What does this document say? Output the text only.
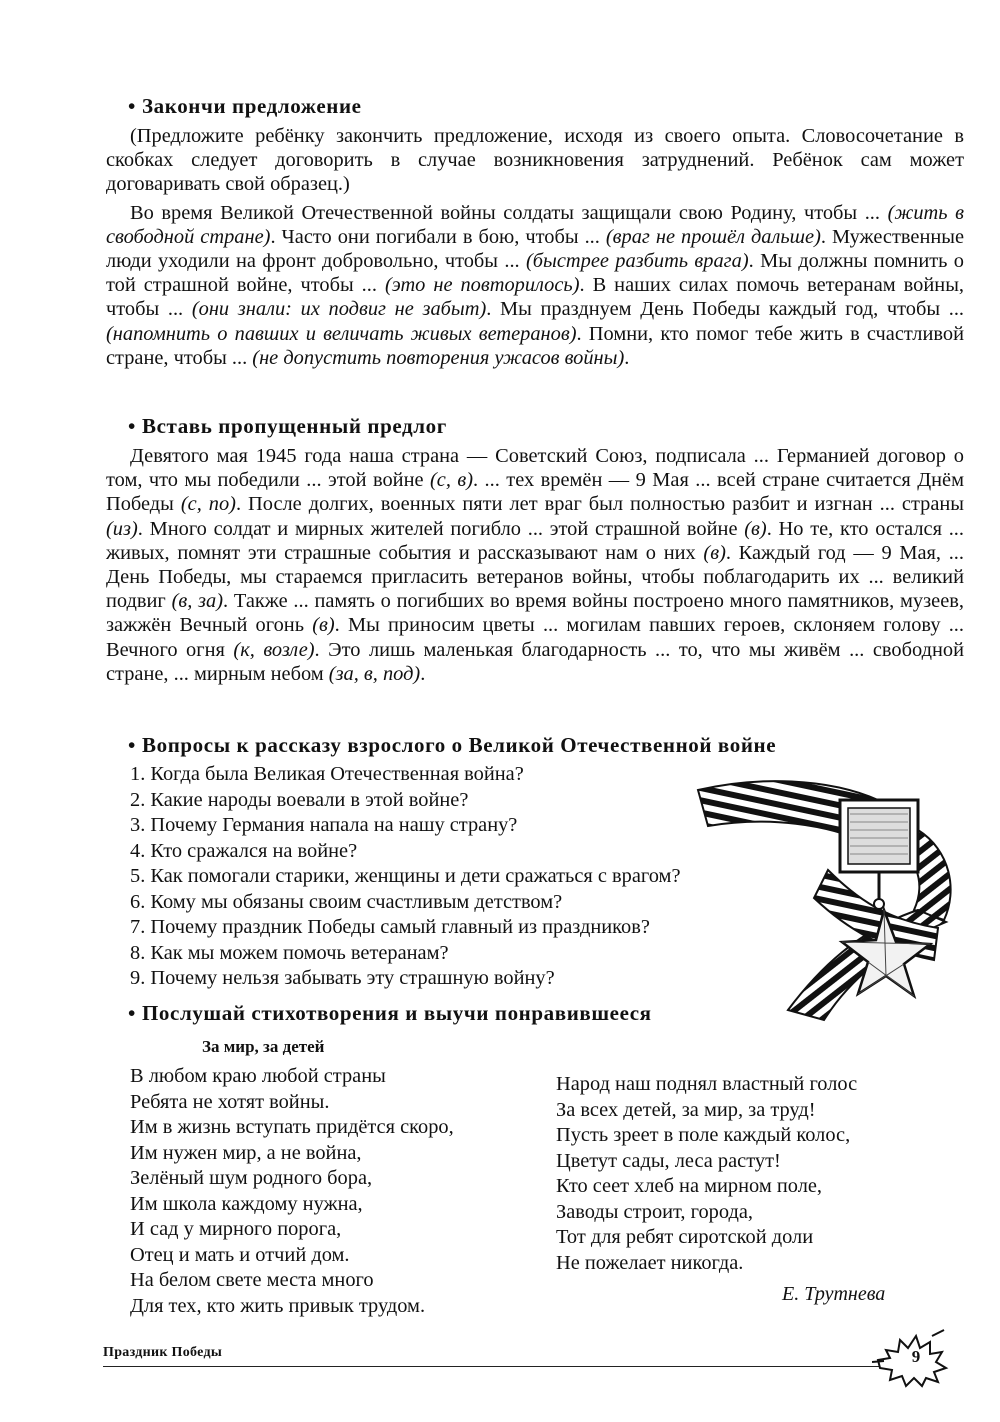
• Закончи предложение

(Предложите ребёнку закончить предложение, исходя из своего опыта. Словосочетание в скобках следует договорить в случае возникновения затруднений. Ребёнок сам может договаривать свой образец.)

Во время Великой Отечественной войны солдаты защищали свою Родину, чтобы ... (жить в свободной стране). Часто они погибали в бою, чтобы ... (враг не прошёл дальше). Мужественные люди уходили на фронт добровольно, чтобы ... (быстрее разбить врага). Мы должны помнить о той страшной войне, чтобы ... (это не повторилось). В наших силах помочь ветеранам войны, чтобы ... (они знали: их подвиг не забыт). Мы празднуем День Победы каждый год, чтобы ... (напомнить о павших и величать живых ветеранов). Помни, кто помог тебе жить в счастливой стране, чтобы ... (не допустить повторения ужасов войны).

• Вставь пропущенный предлог

Девятого мая 1945 года наша страна — Советский Союз, подписала ... Германией договор о том, что мы победили ... этой войне (с, в). ... тех времён — 9 Мая ... всей стране считается Днём Победы (с, по). После долгих, военных пяти лет враг был полностью разбит и изгнан ... страны (из). Много солдат и мирных жителей погибло ... этой страшной войне (в). Но те, кто остался ... живых, помнят эти страшные события и рассказывают нам о них (в). Каждый год — 9 Мая, ... День Победы, мы стараемся пригласить ветеранов войны, чтобы поблагодарить их ... великий подвиг (в, за). Также ... память о погибших во время войны построено много памятников, музеев, зажжён Вечный огонь (в). Мы приносим цветы ... могилам павших героев, склоняем голову ... Вечного огня (к, возле). Это лишь маленькая благодарность ... то, что мы живём ... свободной стране, ... мирным небом (за, в, под).

• Вопросы к рассказу взрослого о Великой Отечественной войне
1. Когда была Великая Отечественная война?
2. Какие народы воевали в этой войне?
3. Почему Германия напала на нашу страну?
4. Кто сражался на войне?
5. Как помогали старики, женщины и дети сражаться с врагом?
6. Кому мы обязаны своим счастливым детством?
7. Почему праздник Победы самый главный из праздников?
8. Как мы можем помочь ветеранам?
9. Почему нельзя забывать эту страшную войну?
• Послушай стихотворения и выучи понравившееся
За мир, за детей
В любом краю любой страны
Ребята не хотят войны.
Им в жизнь вступать придётся скоро,
Им нужен мир, а не война,
Зелёный шум родного бора,
Им школа каждому нужна,
И сад у мирного порога,
Отец и мать и отчий дом.
На белом свете места много
Для тех, кто жить привык трудом.
Народ наш поднял властный голос
За всех детей, за мир, за труд!
Пусть зреет в поле каждый колос,
Цветут сады, леса растут!
Кто сеет хлеб на мирном поле,
Заводы строит, города,
Тот для ребят сиротской доли
Не пожелает никогда.
Е. Трутнева
Праздник Победы	9
